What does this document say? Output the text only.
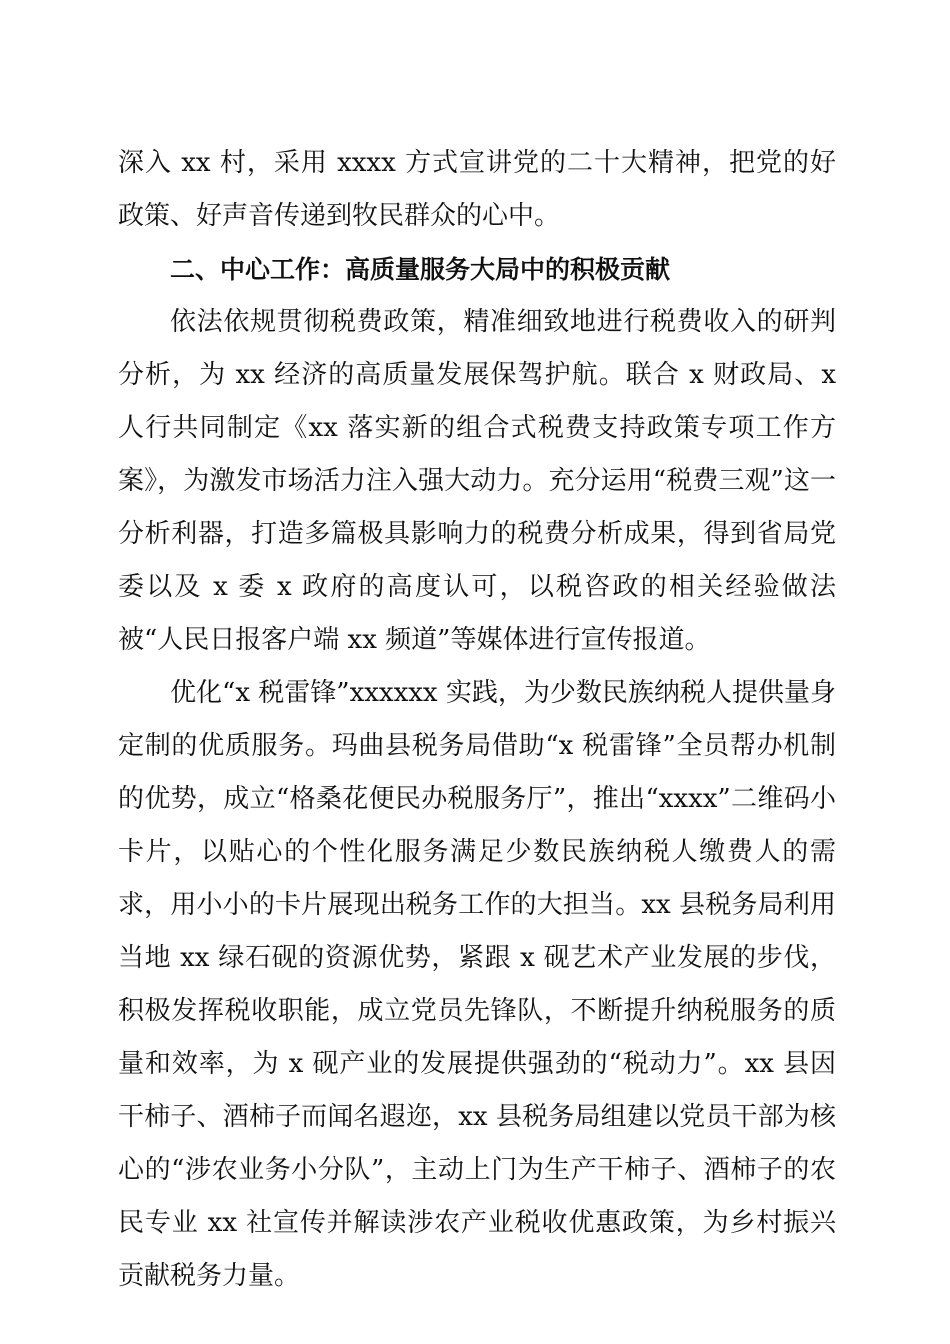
深入 xx 村，采用 xxxx 方式宣讲党的二十大精神，把党的好政策、好声音传递到牧民群众的心中。

二、中心工作：高质量服务大局中的积极贡献

依法依规贯彻税费政策，精准细致地进行税费收入的研判分析，为 xx 经济的高质量发展保驾护航。联合 x 财政局、x 人行共同制定《xx 落实新的组合式税费支持政策专项工作方案》，为激发市场活力注入强大动力。充分运用“税费三观”这一分析利器，打造多篇极具影响力的税费分析成果，得到省局党委以及 x 委 x 政府的高度认可，以税咨政的相关经验做法被“人民日报客户端 xx 频道”等媒体进行宣传报道。

优化“x 税雷锋”xxxxxx 实践，为少数民族纳税人提供量身定制的优质服务。玛曲县税务局借助“x 税雷锋”全员帮办机制的优势，成立“格桑花便民办税服务厅”，推出“xxxx”二维码小卡片，以贴心的个性化服务满足少数民族纳税人缴费人的需求，用小小的卡片展现出税务工作的大担当。xx 县税务局利用当地 xx 绿石砚的资源优势，紧跟 x 砚艺术产业发展的步伐，积极发挥税收职能，成立党员先锋队，不断提升纳税服务的质量和效率，为 x 砚产业的发展提供强劲的“税动力”。xx 县因干柿子、酒柿子而闻名遐迩，xx 县税务局组建以党员干部为核心的“涉农业务小分队”，主动上门为生产干柿子、酒柿子的农民专业 xx 社宣传并解读涉农产业税收优惠政策，为乡村振兴贡献税务力量。
